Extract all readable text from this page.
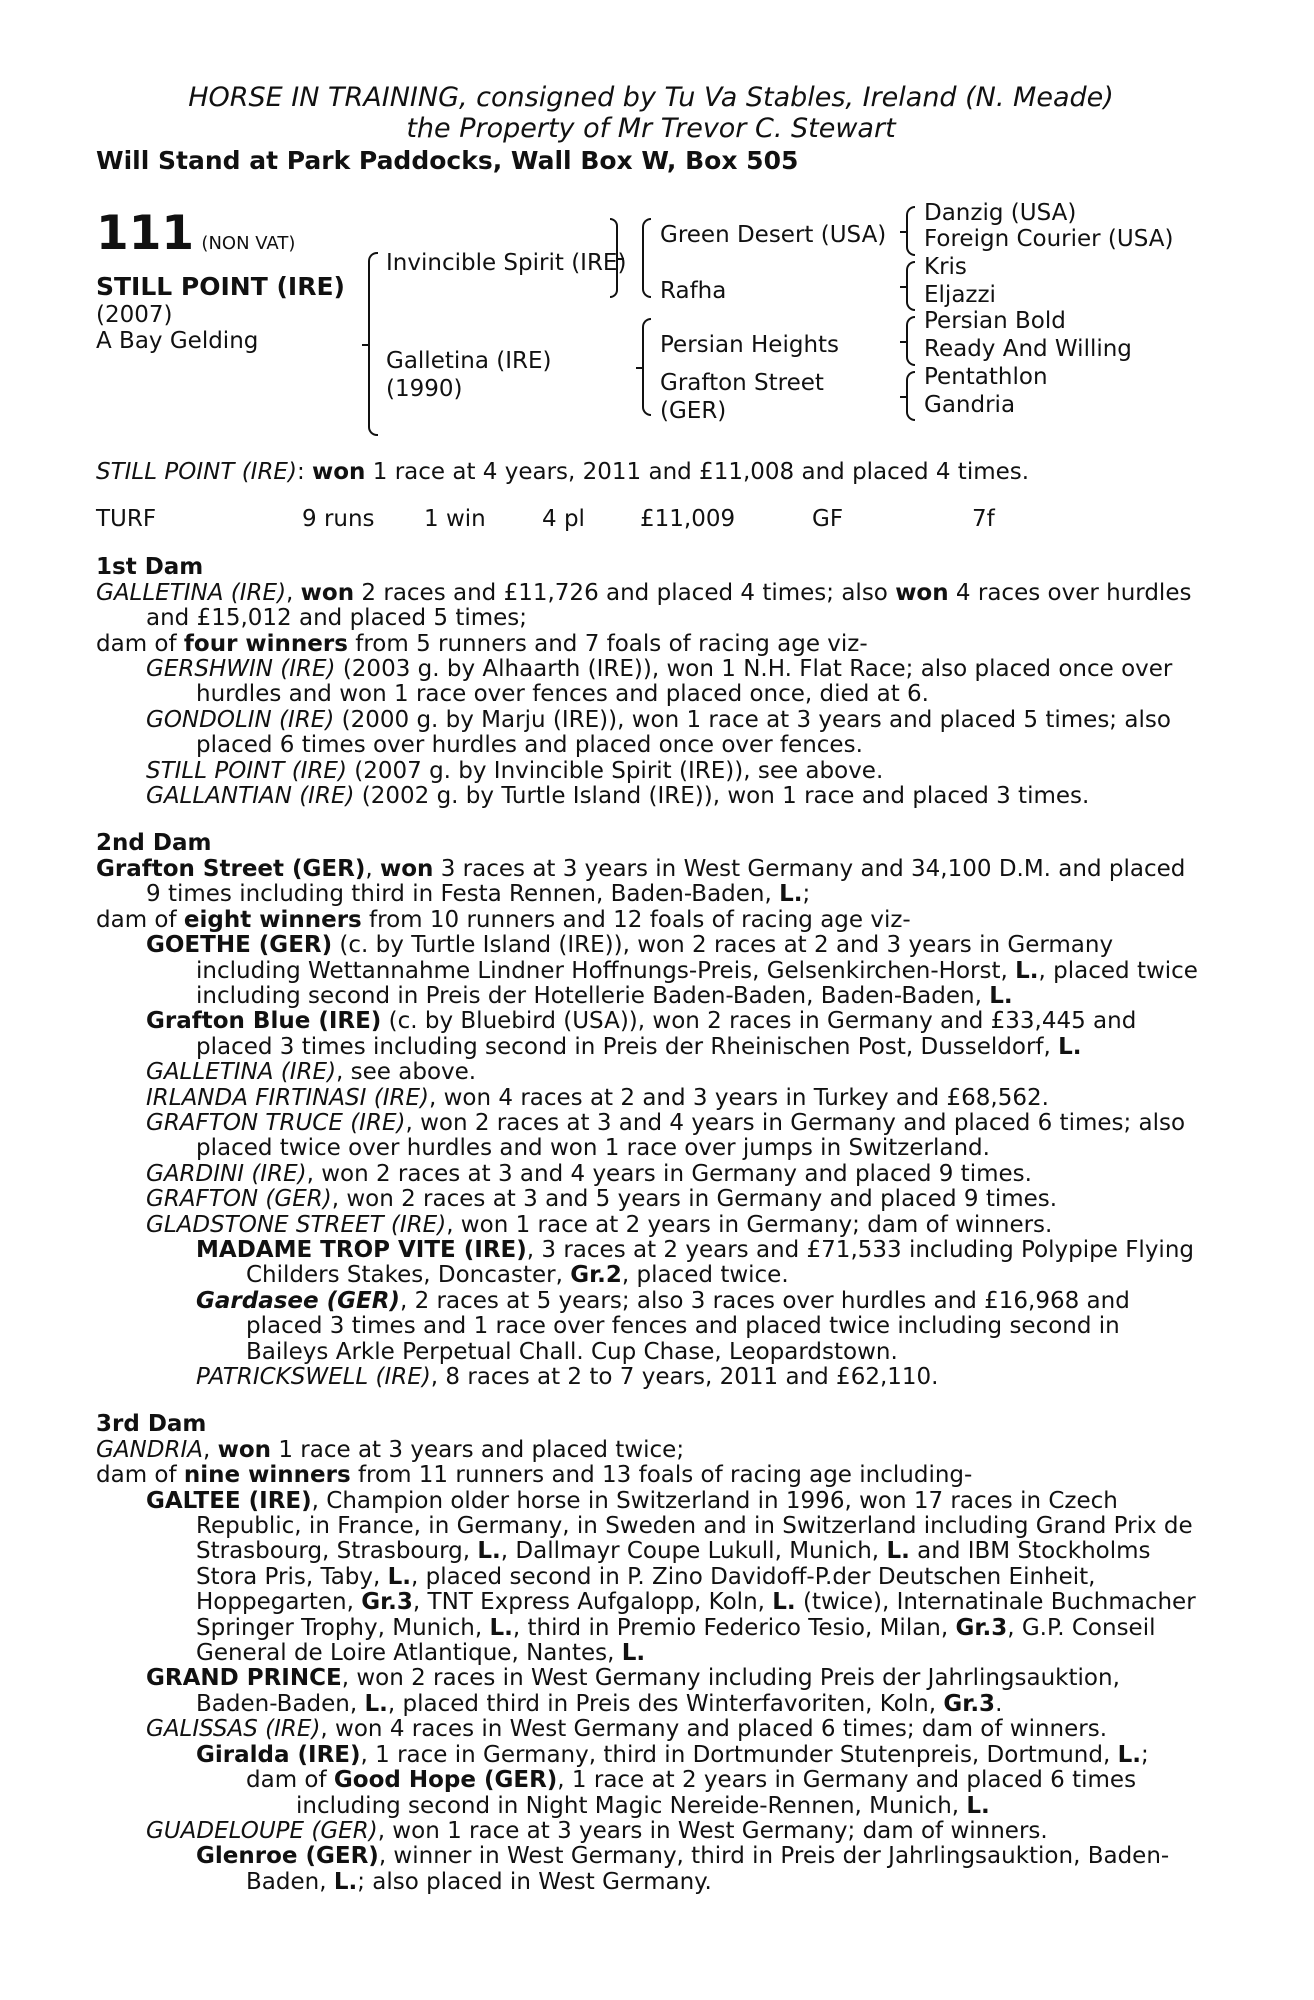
HORSE IN TRAINING, consigned by Tu Va Stables, Ireland (N. Meade)
the Property of Mr Trevor C. Stewart
Will Stand at Park Paddocks, Wall Box W, Box 505
111 (NON VAT)
STILL POINT (IRE)
(2007)
A Bay Gelding
Invincible Spirit (IRE)
Galletina (IRE)
(1990)
Green Desert (USA)
Rafha
Persian Heights
Grafton Street
(GER)
Danzig (USA)
Foreign Courier (USA)
Kris
Eljazzi
Persian Bold
Ready And Willing
Pentathlon
Gandria

STILL POINT (IRE): won 1 race at 4 years, 2011 and £11,008 and placed 4 times.

TURF	9 runs 1 win 4 pl £11,009	GF	7f

1st Dam

GALLETINA (IRE), won 2 races and £11,726 and placed 4 times; also won 4 races over hurdles and £15,012 and placed 5 times;

dam of four winners from 5 runners and 7 foals of racing age viz-

GERSHWIN (IRE) (2003 g. by Alhaarth (IRE)), won 1 N.H. Flat Race; also placed once over hurdles and won 1 race over fences and placed once, died at 6.

GONDOLIN (IRE) (2000 g. by Marju (IRE)), won 1 race at 3 years and placed 5 times; also placed 6 times over hurdles and placed once over fences.

STILL POINT (IRE) (2007 g. by Invincible Spirit (IRE)), see above.

GALLANTIAN (IRE) (2002 g. by Turtle Island (IRE)), won 1 race and placed 3 times.

2nd Dam

Grafton Street (GER), won 3 races at 3 years in West Germany and 34,100 D.M. and placed 9 times including third in Festa Rennen, Baden-Baden, L.;

dam of eight winners from 10 runners and 12 foals of racing age viz-

GOETHE (GER) (c. by Turtle Island (IRE)), won 2 races at 2 and 3 years in Germany including Wettannahme Lindner Hoffnungs-Preis, Gelsenkirchen-Horst, L., placed twice including second in Preis der Hotellerie Baden-Baden, Baden-Baden, L.

Grafton Blue (IRE) (c. by Bluebird (USA)), won 2 races in Germany and £33,445 and placed 3 times including second in Preis der Rheinischen Post, Dusseldorf, L.

GALLETINA (IRE), see above.

IRLANDA FIRTINASI (IRE), won 4 races at 2 and 3 years in Turkey and £68,562.

GRAFTON TRUCE (IRE), won 2 races at 3 and 4 years in Germany and placed 6 times; also placed twice over hurdles and won 1 race over jumps in Switzerland.

GARDINI (IRE), won 2 races at 3 and 4 years in Germany and placed 9 times.

GRAFTON (GER), won 2 races at 3 and 5 years in Germany and placed 9 times.

GLADSTONE STREET (IRE), won 1 race at 2 years in Germany; dam of winners.

MADAME TROP VITE (IRE), 3 races at 2 years and £71,533 including Polypipe Flying Childers Stakes, Doncaster, Gr.2, placed twice.

Gardasee (GER), 2 races at 5 years; also 3 races over hurdles and £16,968 and placed 3 times and 1 race over fences and placed twice including second in Baileys Arkle Perpetual Chall. Cup Chase, Leopardstown.

PATRICKSWELL (IRE), 8 races at 2 to 7 years, 2011 and £62,110.

3rd Dam

GANDRIA, won 1 race at 3 years and placed twice;

dam of nine winners from 11 runners and 13 foals of racing age including-

GALTEE (IRE), Champion older horse in Switzerland in 1996, won 17 races in Czech Republic, in France, in Germany, in Sweden and in Switzerland including Grand Prix de Strasbourg, Strasbourg, L., Dallmayr Coupe Lukull, Munich, L. and IBM Stockholms Stora Pris, Taby, L., placed second in P. Zino Davidoff-P.der Deutschen Einheit, Hoppegarten, Gr.3, TNT Express Aufgalopp, Koln, L. (twice), Internatinale Buchmacher Springer Trophy, Munich, L., third in Premio Federico Tesio, Milan, Gr.3, G.P. Conseil General de Loire Atlantique, Nantes, L.

GRAND PRINCE, won 2 races in West Germany including Preis der Jahrlingsauktion, Baden-Baden, L., placed third in Preis des Winterfavoriten, Koln, Gr.3.

GALISSAS (IRE), won 4 races in West Germany and placed 6 times; dam of winners.

Giralda (IRE), 1 race in Germany, third in Dortmunder Stutenpreis, Dortmund, L.;

dam of Good Hope (GER), 1 race at 2 years in Germany and placed 6 times including second in Night Magic Nereide-Rennen, Munich, L.

GUADELOUPE (GER), won 1 race at 3 years in West Germany; dam of winners.

Glenroe (GER), winner in West Germany, third in Preis der Jahrlingsauktion, Baden-Baden, L.; also placed in West Germany.
